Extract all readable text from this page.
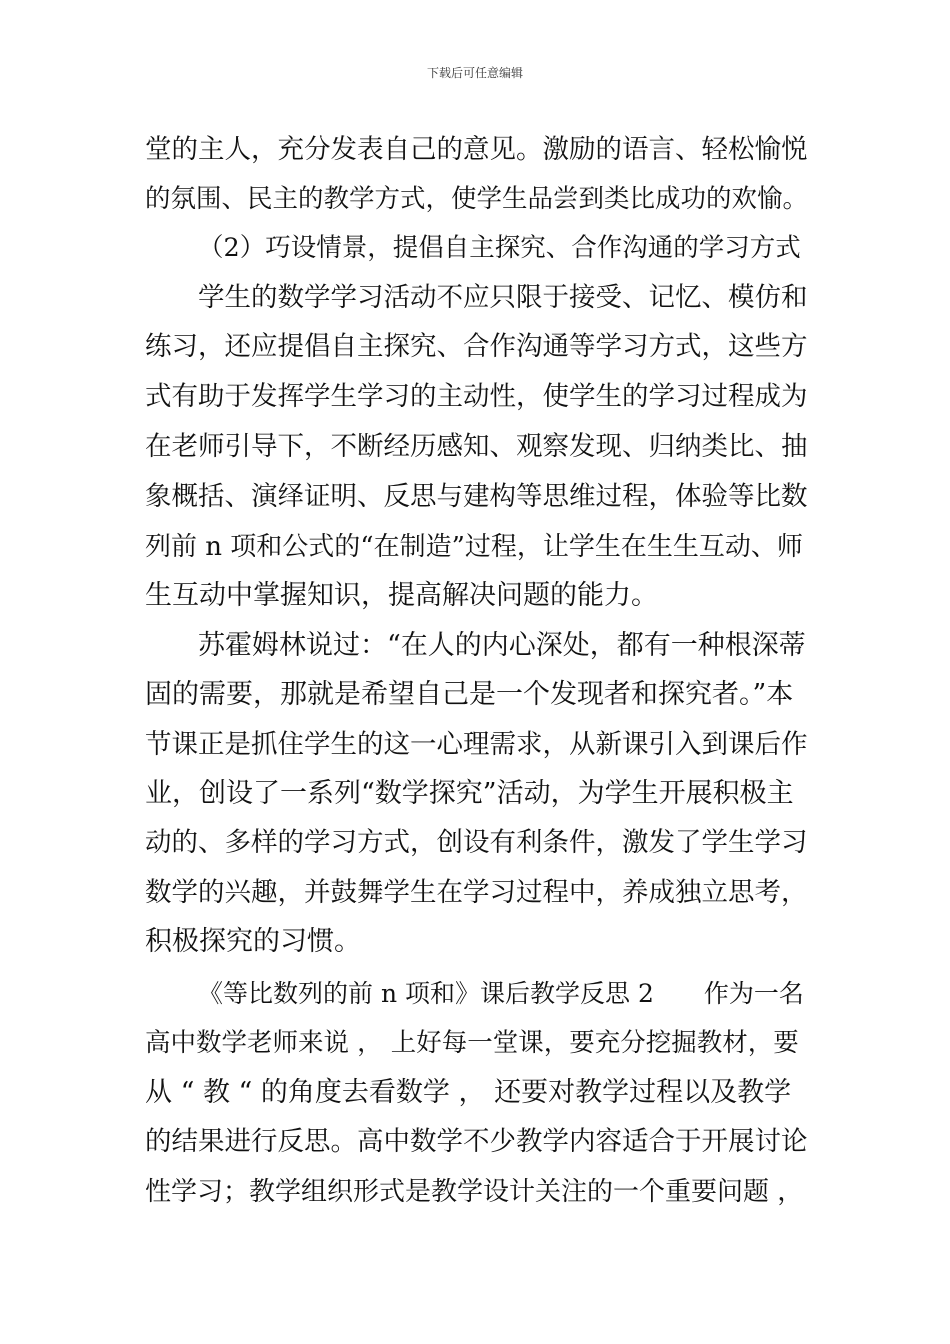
下载后可任意编辑
堂的主人，充分发表自己的意见。激励的语言、轻松愉悦
的氛围、民主的教学方式，使学生品尝到类比成功的欢愉。
（2）巧设情景，提倡自主探究、合作沟通的学习方式
学生的数学学习活动不应只限于接受、记忆、模仿和
练习，还应提倡自主探究、合作沟通等学习方式，这些方
式有助于发挥学生学习的主动性，使学生的学习过程成为
在老师引导下，不断经历感知、观察发现、归纳类比、抽
象概括、演绎证明、反思与建构等思维过程，体验等比数
列前 n 项和公式的“在制造”过程，让学生在生生互动、师
生互动中掌握知识，提高解决问题的能力。
苏霍姆林说过：“在人的内心深处，都有一种根深蒂
固的需要，那就是希望自己是一个发现者和探究者。”本
节课正是抓住学生的这一心理需求，从新课引入到课后作
业，创设了一系列“数学探究”活动，为学生开展积极主
动的、多样的学习方式，创设有利条件，激发了学生学习
数学的兴趣，并鼓舞学生在学习过程中，养成独立思考，
积极探究的习惯。
《等比数列的前 n 项和》课后教学反思 2　　作为一名
高中数学老师来说 ， 上好每一堂课，要充分挖掘教材，要
从 “ 教 “ 的角度去看数学 ， 还要对教学过程以及教学
的结果进行反思。高中数学不少教学内容适合于开展讨论
性学习；教学组织形式是教学设计关注的一个重要问题 ，
